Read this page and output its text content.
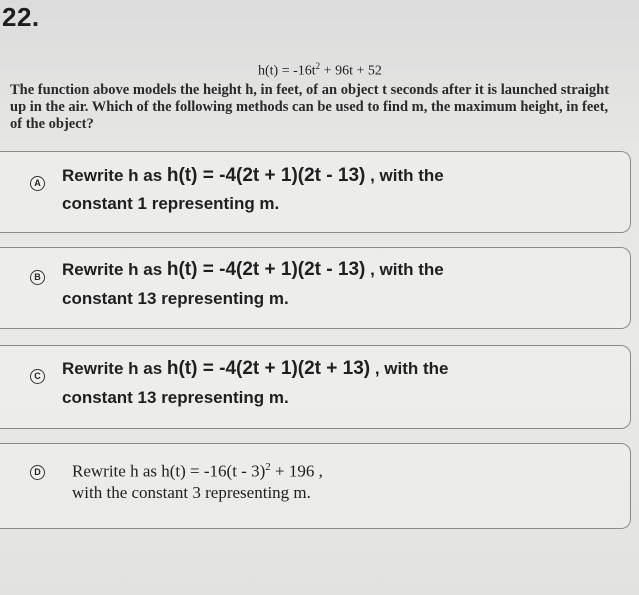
22.
$h(t) = -16t^2 + 96t + 52$
The function above models the height h, in feet, of an object t seconds after it is launched straight up in the air. Which of the following methods can be used to find m, the maximum height, in feet, of the object?
A Rewrite h as h(t) = -4(2t + 1)(2t - 13) , with the
constant 1 representing m.
B Rewrite h as h(t) = -4(2t + 1)(2t - 13) , with the
constant 13 representing m.
C Rewrite h as h(t) = -4(2t + 1)(2t + 13) , with the
constant 13 representing m.
D Rewrite h as h(t) = -16(t - 3)$^2$ + 196 ,
with the constant 3 representing m.
